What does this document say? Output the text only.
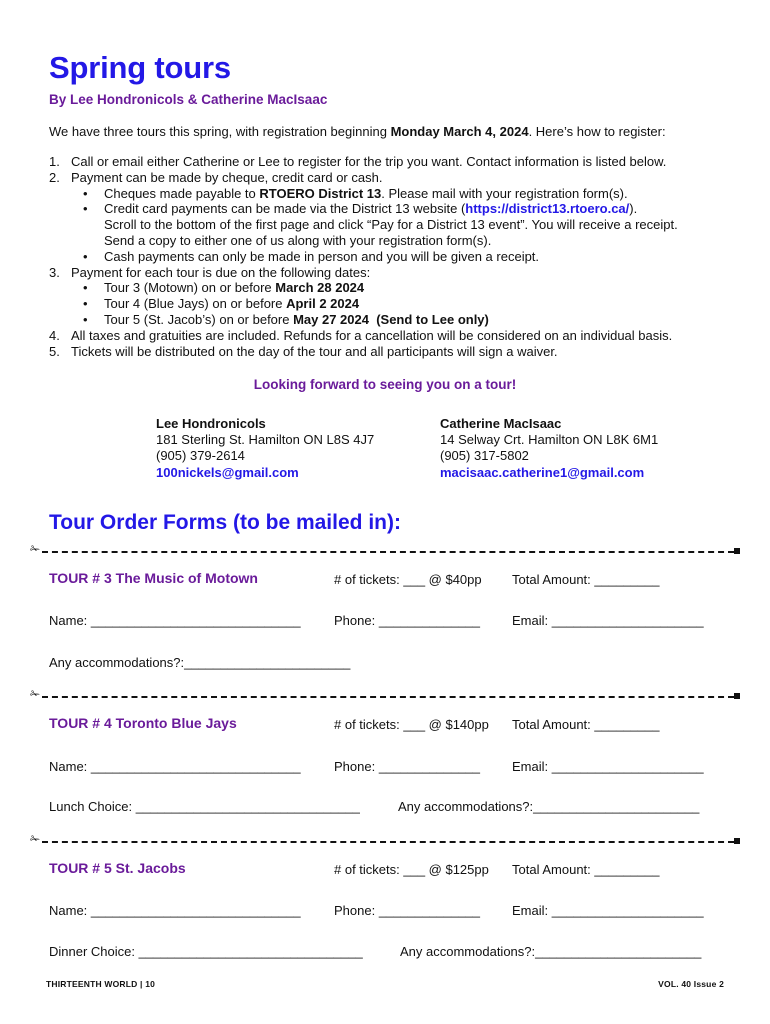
Spring tours
By Lee Hondronicols & Catherine MacIsaac
We have three tours this spring, with registration beginning Monday March 4, 2024. Here’s how to register:
1. Call or email either Catherine or Lee to register for the trip you want. Contact information is listed below.
2. Payment can be made by cheque, credit card or cash.
•	Cheques made payable to RTOERO District 13. Please mail with your registration form(s).
•	Credit card payments can be made via the District 13 website (https://district13.rtoero.ca/).
Scroll to the bottom of the first page and click “Pay for a District 13 event”. You will receive a receipt.
Send a copy to either one of us along with your registration form(s).
•	Cash payments can only be made in person and you will be given a receipt.
3. Payment for each tour is due on the following dates:
•	Tour 3 (Motown) on or before March 28 2024
•	Tour 4 (Blue Jays) on or before April 2 2024
•	Tour 5 (St. Jacob’s) on or before May 27 2024  (Send to Lee only)
4. All taxes and gratuities are included. Refunds for a cancellation will be considered on an individual basis.
5. Tickets will be distributed on the day of the tour and all participants will sign a waiver.
Looking forward to seeing you on a tour!
Lee Hondronicols
181 Sterling St. Hamilton ON L8S 4J7
(905) 379-2614
100nickels@gmail.com
Catherine MacIsaac
14 Selway Crt. Hamilton ON L8K 6M1
(905) 317-5802
macisaac.catherine1@gmail.com
Tour Order Forms (to be mailed in):
✁
TOUR # 3 The Music of Motown	# of tickets: ___ @ $40pp Total Amount: _________
Name: _____________________________	Phone: ______________ Email: _____________________
Any accommodations?:_______________________
✁
TOUR # 4 Toronto Blue Jays	# of tickets: ___ @ $140pp Total Amount: _________
Name: _____________________________	Phone: ______________ Email: _____________________
Lunch Choice: _______________________________	Any accommodations?:_______________________
✁
TOUR # 5 St. Jacobs	# of tickets: ___ @ $125pp Total Amount: _________
Name: _____________________________	Phone: ______________ Email: _____________________
Dinner Choice: _______________________________	Any accommodations?:_______________________
THIRTEENTH WORLD | 10	VOL. 40 Issue 2
